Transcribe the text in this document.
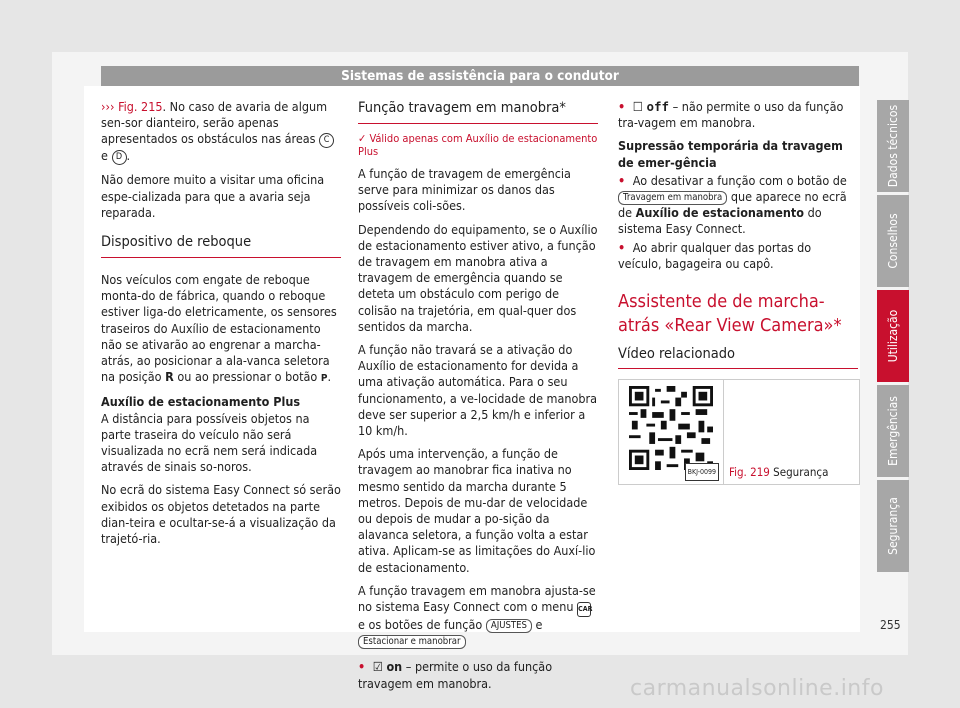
Sistemas de assistência para o condutor

››› Fig. 215. No caso de avaria de algum sen-sor dianteiro, serão apenas apresentados os obstáculos nas áreas C e D .

Não demore muito a visitar uma oficina espe-cializada para que a avaria seja reparada.

Dispositivo de reboque

Nos veículos com engate de reboque monta-do de fábrica, quando o reboque estiver liga-do eletricamente, os sensores traseiros do Auxílio de estacionamento não se ativarão ao engrenar a marcha-atrás, ao posicionar a ala-vanca seletora na posição R ou ao pressionar o botão P.

Auxílio de estacionamento Plus

A distância para possíveis objetos na parte traseira do veículo não será visualizada no ecrã nem será indicada através de sinais so-noros.

No ecrã do sistema Easy Connect só serão exibidos os objetos detetados na parte dian-teira e ocultar-se-á a visualização da trajetó-ria.

Função travagem em manobra*
✓ Válido apenas com Auxílio de estacionamento Plus

A função de travagem de emergência serve para minimizar os danos das possíveis coli-sões.

Dependendo do equipamento, se o Auxílio de estacionamento estiver ativo, a função de travagem em manobra ativa a travagem de emergência quando se deteta um obstáculo com perigo de colisão na trajetória, em qual-quer dos sentidos da marcha.

A função não travará se a ativação do Auxílio de estacionamento for devida a uma ativação automática. Para o seu funcionamento, a ve-locidade de manobra deve ser superior a 2,5 km/h e inferior a 10 km/h.

Após uma intervenção, a função de travagem ao manobrar fica inativa no mesmo sentido da marcha durante 5 metros. Depois de mu-dar de velocidade ou depois de mudar a po-sição da alavanca seletora, a função volta a estar ativa. Aplicam-se as limitações do Auxí-lio de estacionamento.

A função travagem em manobra ajusta-se no sistema Easy Connect com o menu CAR e os botões de função AJUSTES e Estacionar e manobrar

• ☑ on – permite o uso da função travagem em manobra.

• ☐ off – não permite o uso da função tra-vagem em manobra.

Supressão temporária da travagem de emer-gência

• Ao desativar a função com o botão de Travagem em manobra que aparece no ecrã de Auxílio de estacionamento do sistema Easy Connect.

• Ao abrir qualquer das portas do veículo, bagageira ou capô.

Assistente de de marcha-atrás «Rear View Camera»*
Vídeo relacionado
BKJ-0099 Fig. 219 Segurança
Dados técnicos
Conselhos
Utilização
Emergências
Segurança
255
carmanualsonline.info
